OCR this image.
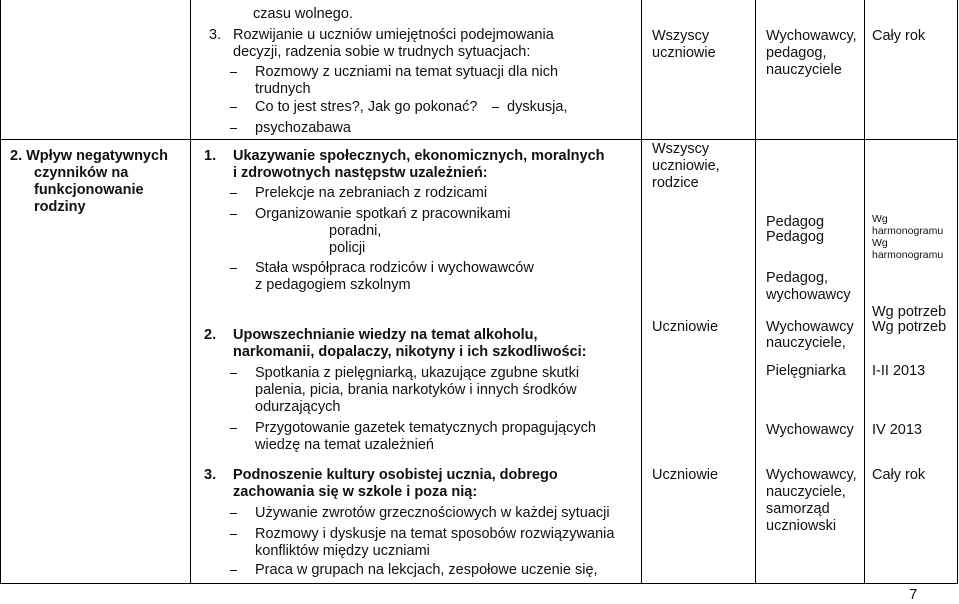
czasu wolnego.
3. Rozwijanie u uczniów umiejętności podejmowania
decyzji, radzenia sobie w trudnych sytuacjach:
Rozmowy z uczniami na temat sytuacji dla nich
trudnych
Co to jest stres?, Jak go pokonać? dyskusja,
psychozabawa
Wszyscy
uczniowie
Wychowawcy,
pedagog,
nauczyciele
Cały rok
2. Wpływ negatywnych
czynników na
funkcjonowanie
rodziny
1. Ukazywanie społecznych, ekonomicznych, moralnych
i zdrowotnych następstw uzależnień:
Prelekcje na zebraniach z rodzicami
Organizowanie spotkań z pracownikami
poradni,
policji
Stała współpraca rodziców i wychowawców
z pedagogiem szkolnym
Wszyscy
uczniowie,
rodzice
Pedagog
Pedagog
Pedagog,
wychowawcy
Wg
harmonogramu
Wg
harmonogramu
Wg potrzeb
2. Upowszechnianie wiedzy na temat alkoholu,
narkomanii, dopalaczy, nikotyny i ich szkodliwości:
Spotkania z pielęgniarką, ukazujące zgubne skutki
palenia, picia, brania narkotyków i innych środków
odurzających
Przygotowanie gazetek tematycznych propagujących
wiedzę na temat uzależnień
Uczniowie	Wychowawcy
nauczyciele,
Pielęgniarka
Wychowawcy
Wg potrzeb
I-II 2013
IV 2013
3. Podnoszenie kultury osobistej ucznia, dobrego
zachowania się w szkole i poza nią:
Używanie zwrotów grzecznościowych w każdej sytuacji
Rozmowy i dyskusje na temat sposobów rozwiązywania
konfliktów między uczniami
Praca w grupach na lekcjach, zespołowe uczenie się,
Uczniowie	Wychowawcy,
nauczyciele,
samorząd
uczniowski
Cały rok
7
